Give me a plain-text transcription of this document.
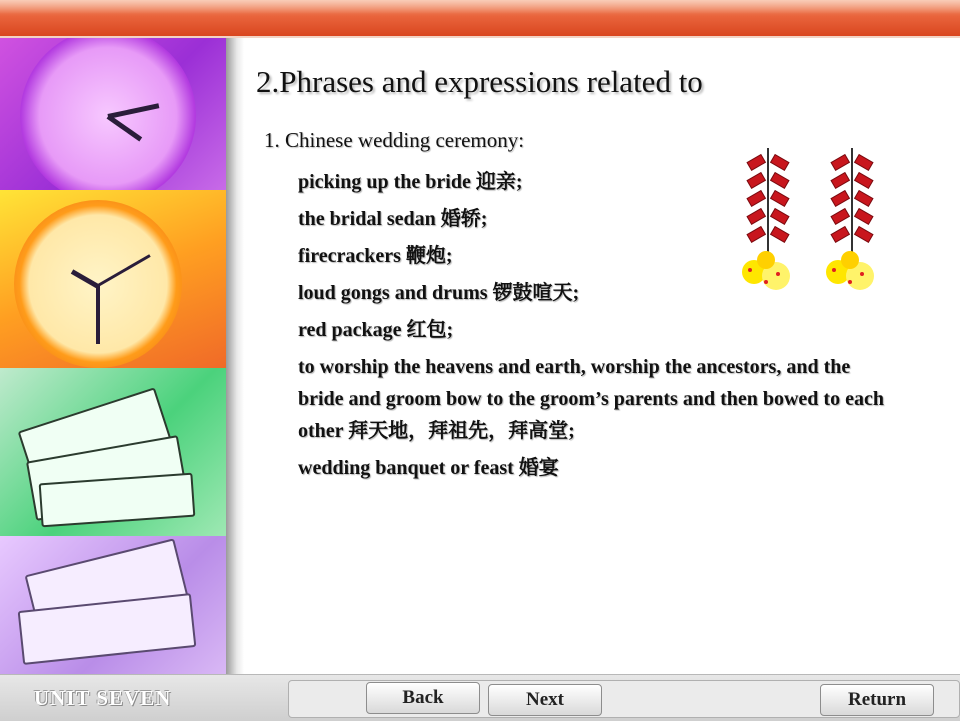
2.Phrases and expressions related to
1. Chinese wedding ceremony:
picking up the bride 迎亲;
the bridal sedan 婚轿;
firecrackers 鞭炮;
loud gongs and drums 锣鼓喧天;
red package 红包;
to worship the heavens and earth, worship the ancestors, and the bride and groom bow to the groom’s parents and then bowed to each other 拜天地，拜祖先，拜高堂;
wedding banquet or feast 婚宴
UNIT SEVEN	Back	Next	Return
